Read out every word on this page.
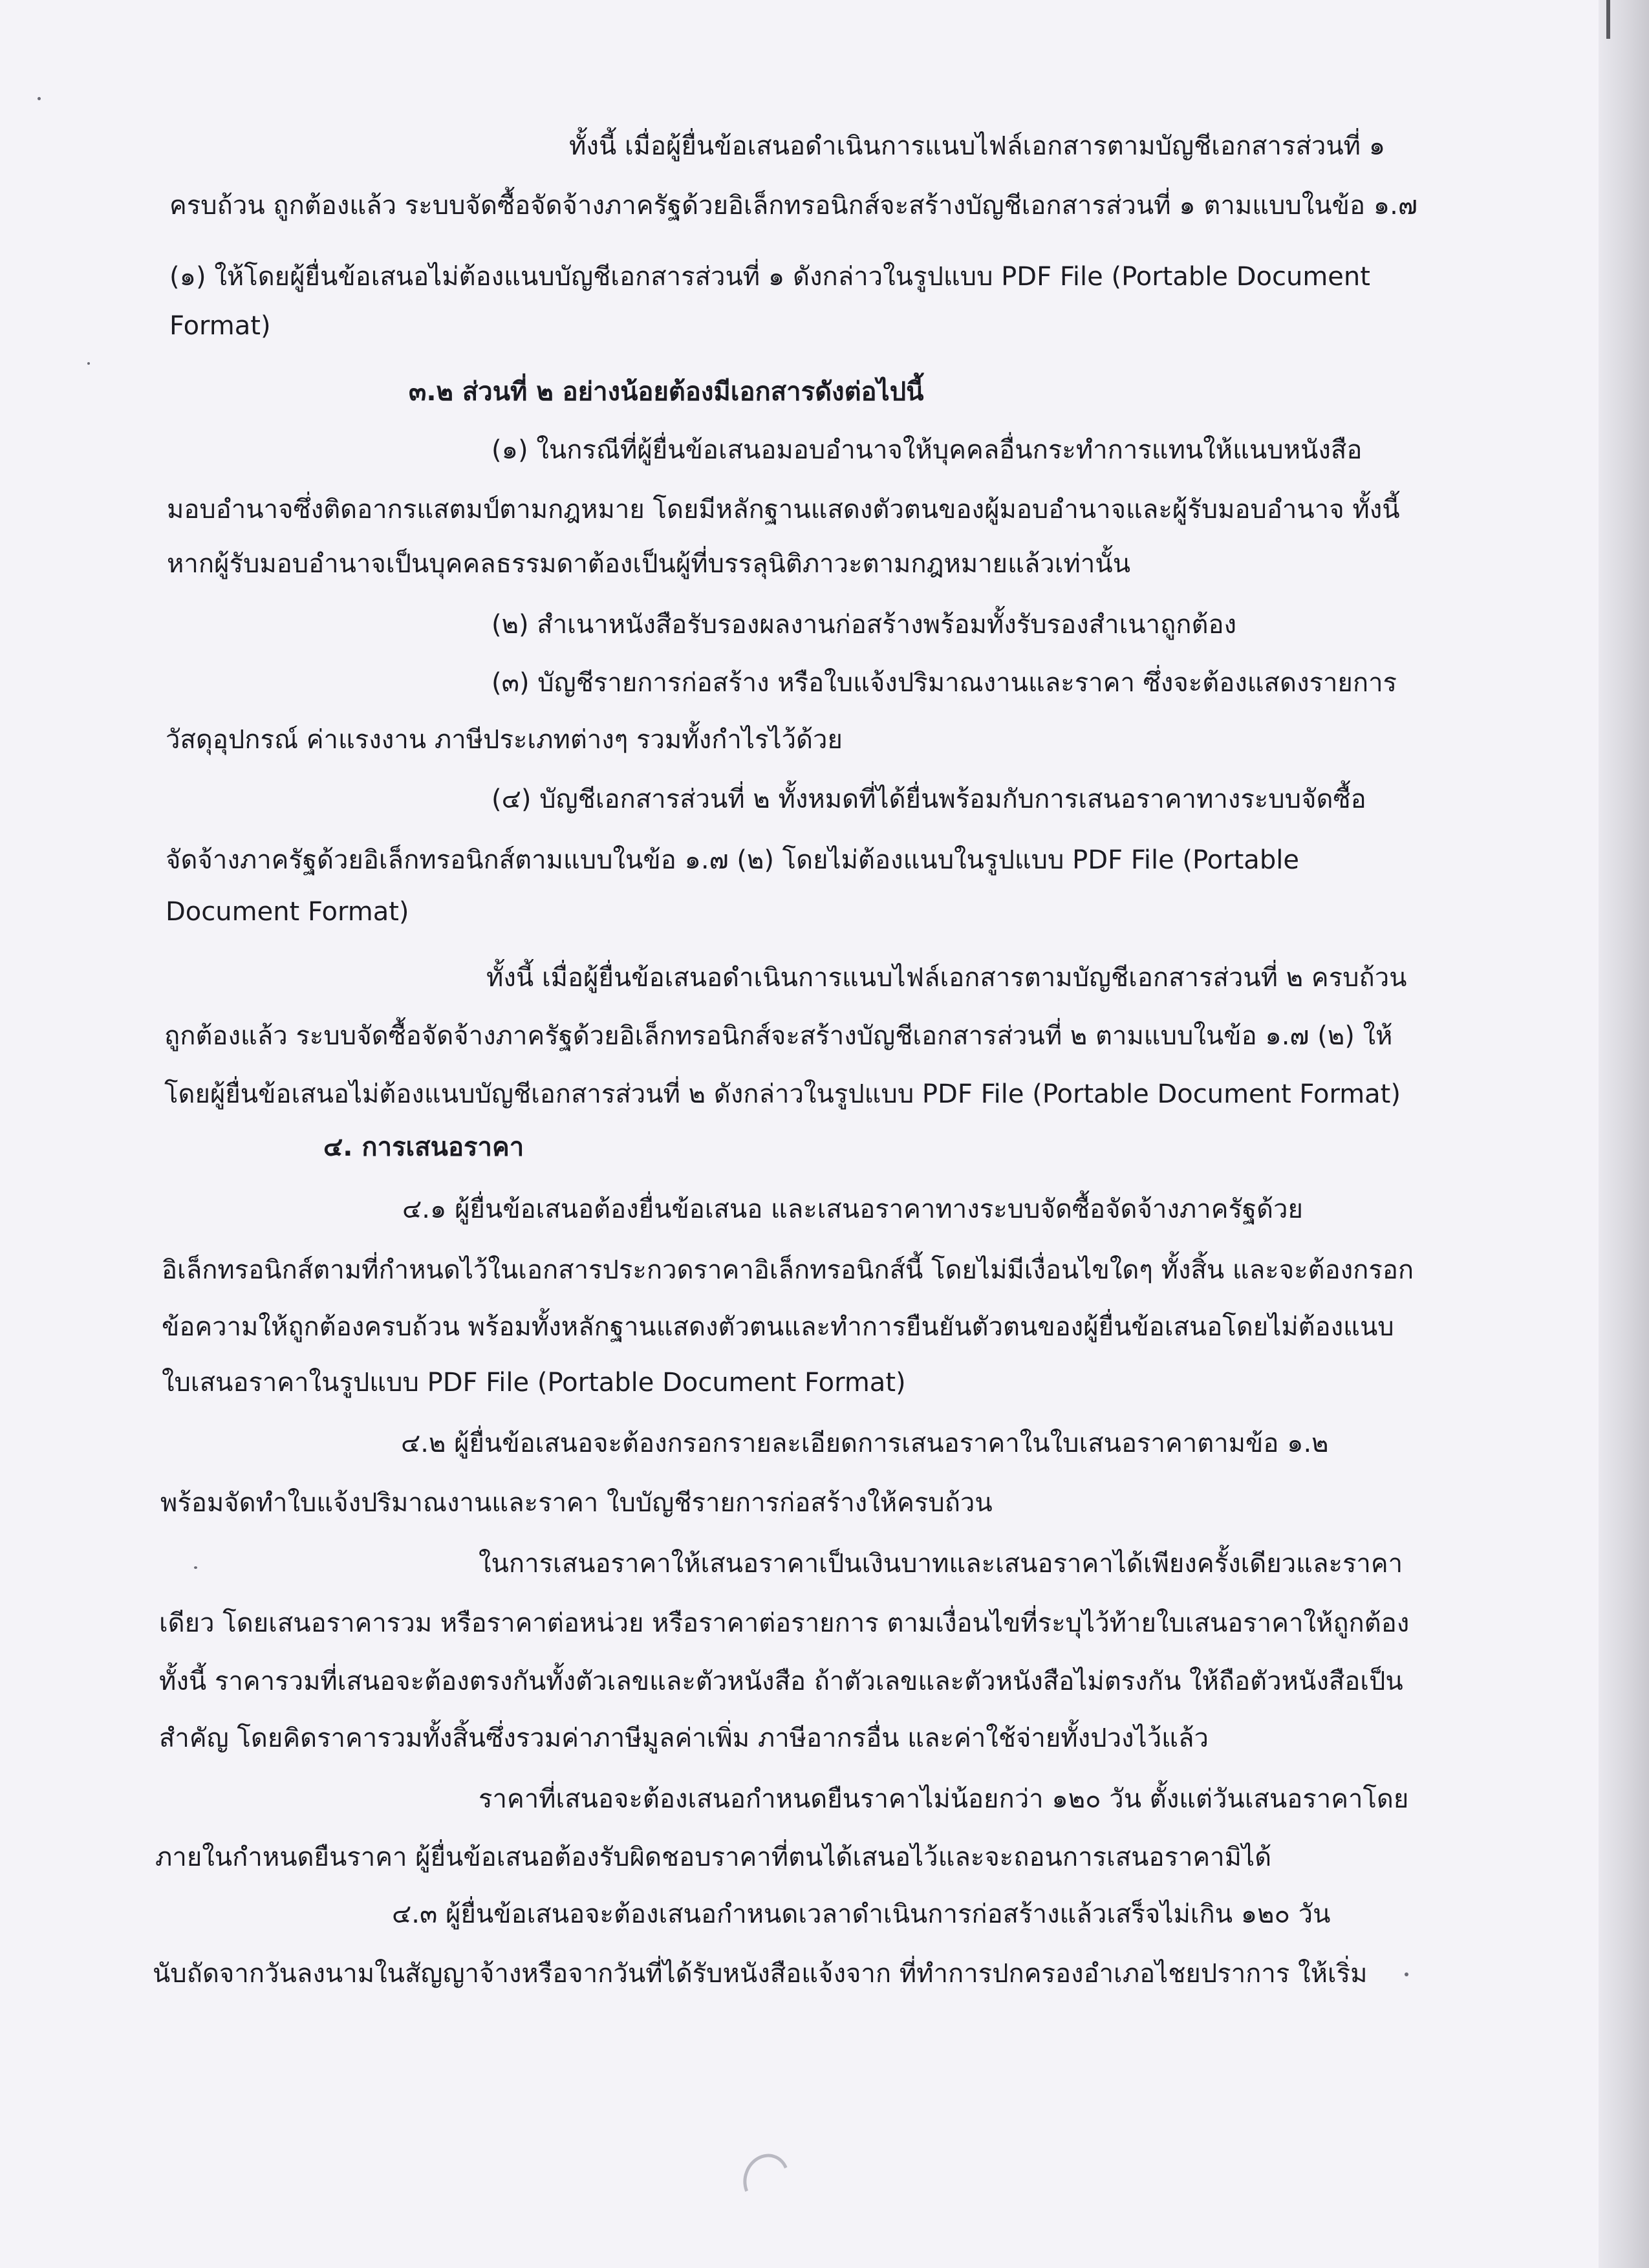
ทั้งนี้ เมื่อผู้ยื่นข้อเสนอดำเนินการแนบไฟล์เอกสารตามบัญชีเอกสารส่วนที่ ๑
ครบถ้วน ถูกต้องแล้ว ระบบจัดซื้อจัดจ้างภาครัฐด้วยอิเล็กทรอนิกส์จะสร้างบัญชีเอกสารส่วนที่ ๑ ตามแบบในข้อ ๑.๗
(๑) ให้โดยผู้ยื่นข้อเสนอไม่ต้องแนบบัญชีเอกสารส่วนที่ ๑ ดังกล่าวในรูปแบบ PDF File (Portable Document
Format)
๓.๒ ส่วนที่ ๒ อย่างน้อยต้องมีเอกสารดังต่อไปนี้
(๑) ในกรณีที่ผู้ยื่นข้อเสนอมอบอำนาจให้บุคคลอื่นกระทำการแทนให้แนบหนังสือ
มอบอำนาจซึ่งติดอากรแสตมป์ตามกฎหมาย โดยมีหลักฐานแสดงตัวตนของผู้มอบอำนาจและผู้รับมอบอำนาจ ทั้งนี้
หากผู้รับมอบอำนาจเป็นบุคคลธรรมดาต้องเป็นผู้ที่บรรลุนิติภาวะตามกฎหมายแล้วเท่านั้น
(๒) สำเนาหนังสือรับรองผลงานก่อสร้างพร้อมทั้งรับรองสำเนาถูกต้อง
(๓) บัญชีรายการก่อสร้าง หรือใบแจ้งปริมาณงานและราคา ซึ่งจะต้องแสดงรายการ
วัสดุอุปกรณ์ ค่าแรงงาน ภาษีประเภทต่างๆ รวมทั้งกำไรไว้ด้วย
(๔) บัญชีเอกสารส่วนที่ ๒ ทั้งหมดที่ได้ยื่นพร้อมกับการเสนอราคาทางระบบจัดซื้อ
จัดจ้างภาครัฐด้วยอิเล็กทรอนิกส์ตามแบบในข้อ ๑.๗ (๒) โดยไม่ต้องแนบในรูปแบบ PDF File (Portable
Document Format)
ทั้งนี้ เมื่อผู้ยื่นข้อเสนอดำเนินการแนบไฟล์เอกสารตามบัญชีเอกสารส่วนที่ ๒ ครบถ้วน
ถูกต้องแล้ว ระบบจัดซื้อจัดจ้างภาครัฐด้วยอิเล็กทรอนิกส์จะสร้างบัญชีเอกสารส่วนที่ ๒ ตามแบบในข้อ ๑.๗ (๒) ให้
โดยผู้ยื่นข้อเสนอไม่ต้องแนบบัญชีเอกสารส่วนที่ ๒ ดังกล่าวในรูปแบบ PDF File (Portable Document Format)
๔. การเสนอราคา
๔.๑ ผู้ยื่นข้อเสนอต้องยื่นข้อเสนอ และเสนอราคาทางระบบจัดซื้อจัดจ้างภาครัฐด้วย
อิเล็กทรอนิกส์ตามที่กำหนดไว้ในเอกสารประกวดราคาอิเล็กทรอนิกส์นี้ โดยไม่มีเงื่อนไขใดๆ ทั้งสิ้น และจะต้องกรอก
ข้อความให้ถูกต้องครบถ้วน พร้อมทั้งหลักฐานแสดงตัวตนและทำการยืนยันตัวตนของผู้ยื่นข้อเสนอโดยไม่ต้องแนบ
ใบเสนอราคาในรูปแบบ PDF File (Portable Document Format)
๔.๒ ผู้ยื่นข้อเสนอจะต้องกรอกรายละเอียดการเสนอราคาในใบเสนอราคาตามข้อ ๑.๒
พร้อมจัดทำใบแจ้งปริมาณงานและราคา ใบบัญชีรายการก่อสร้างให้ครบถ้วน
ในการเสนอราคาให้เสนอราคาเป็นเงินบาทและเสนอราคาได้เพียงครั้งเดียวและราคา
เดียว โดยเสนอราคารวม หรือราคาต่อหน่วย หรือราคาต่อรายการ ตามเงื่อนไขที่ระบุไว้ท้ายใบเสนอราคาให้ถูกต้อง
ทั้งนี้ ราคารวมที่เสนอจะต้องตรงกันทั้งตัวเลขและตัวหนังสือ ถ้าตัวเลขและตัวหนังสือไม่ตรงกัน ให้ถือตัวหนังสือเป็น
สำคัญ โดยคิดราคารวมทั้งสิ้นซึ่งรวมค่าภาษีมูลค่าเพิ่ม ภาษีอากรอื่น และค่าใช้จ่ายทั้งปวงไว้แล้ว
ราคาที่เสนอจะต้องเสนอกำหนดยืนราคาไม่น้อยกว่า ๑๒๐ วัน ตั้งแต่วันเสนอราคาโดย
ภายในกำหนดยืนราคา ผู้ยื่นข้อเสนอต้องรับผิดชอบราคาที่ตนได้เสนอไว้และจะถอนการเสนอราคามิได้
๔.๓ ผู้ยื่นข้อเสนอจะต้องเสนอกำหนดเวลาดำเนินการก่อสร้างแล้วเสร็จไม่เกิน ๑๒๐ วัน
นับถัดจากวันลงนามในสัญญาจ้างหรือจากวันที่ได้รับหนังสือแจ้งจาก ที่ทำการปกครองอำเภอไชยปราการ ให้เริ่ม
